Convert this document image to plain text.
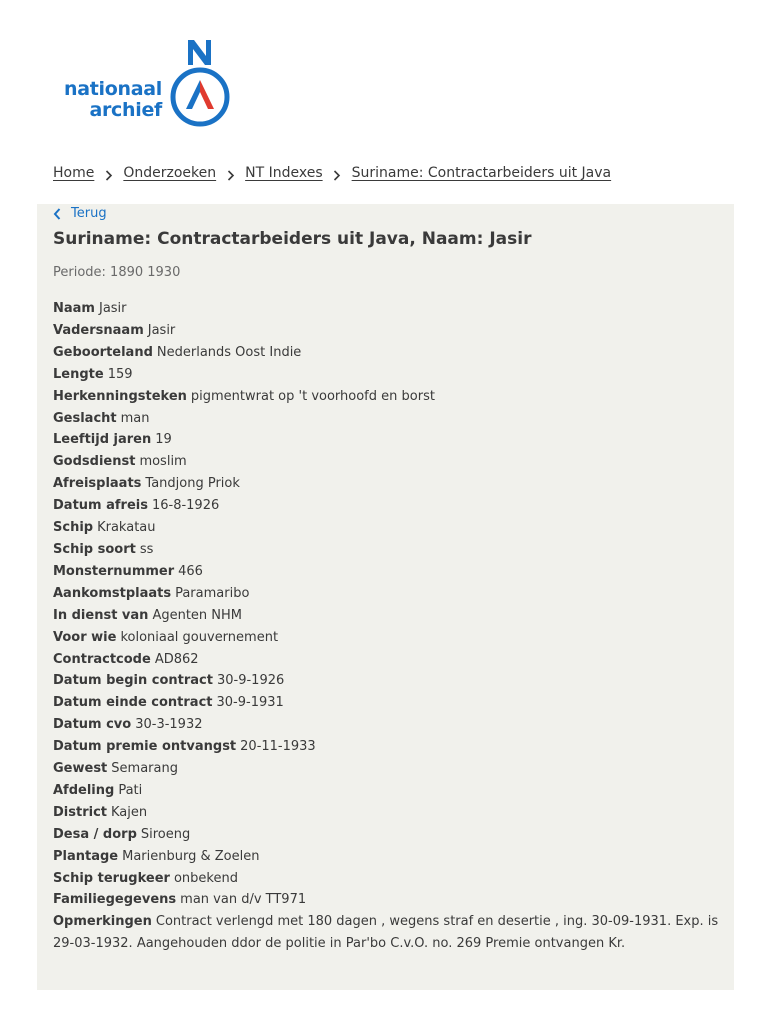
nationaal
archief
Home Onderzoeken NT Indexes Suriname: Contractarbeiders uit Java
Terug
Suriname: Contractarbeiders uit Java, Naam: Jasir
Periode: 1890 1930
Naam Jasir
Vadersnaam Jasir
Geboorteland Nederlands Oost Indie
Lengte 159
Herkenningsteken pigmentwrat op 't voorhoofd en borst
Geslacht man
Leeftijd jaren 19
Godsdienst moslim
Afreisplaats Tandjong Priok
Datum afreis 16-8-1926
Schip Krakatau
Schip soort ss
Monsternummer 466
Aankomstplaats Paramaribo
In dienst van Agenten NHM
Voor wie koloniaal gouvernement
Contractcode AD862
Datum begin contract 30-9-1926
Datum einde contract 30-9-1931
Datum cvo 30-3-1932
Datum premie ontvangst 20-11-1933
Gewest Semarang
Afdeling Pati
District Kajen
Desa / dorp Siroeng
Plantage Marienburg & Zoelen
Schip terugkeer onbekend
Familiegegevens man van d/v TT971
Opmerkingen Contract verlengd met 180 dagen , wegens straf en desertie , ing. 30-09-1931. Exp. is 29-03-1932. Aangehouden ddor de politie in Par'bo C.v.O. no. 269 Premie ontvangen Kr.
